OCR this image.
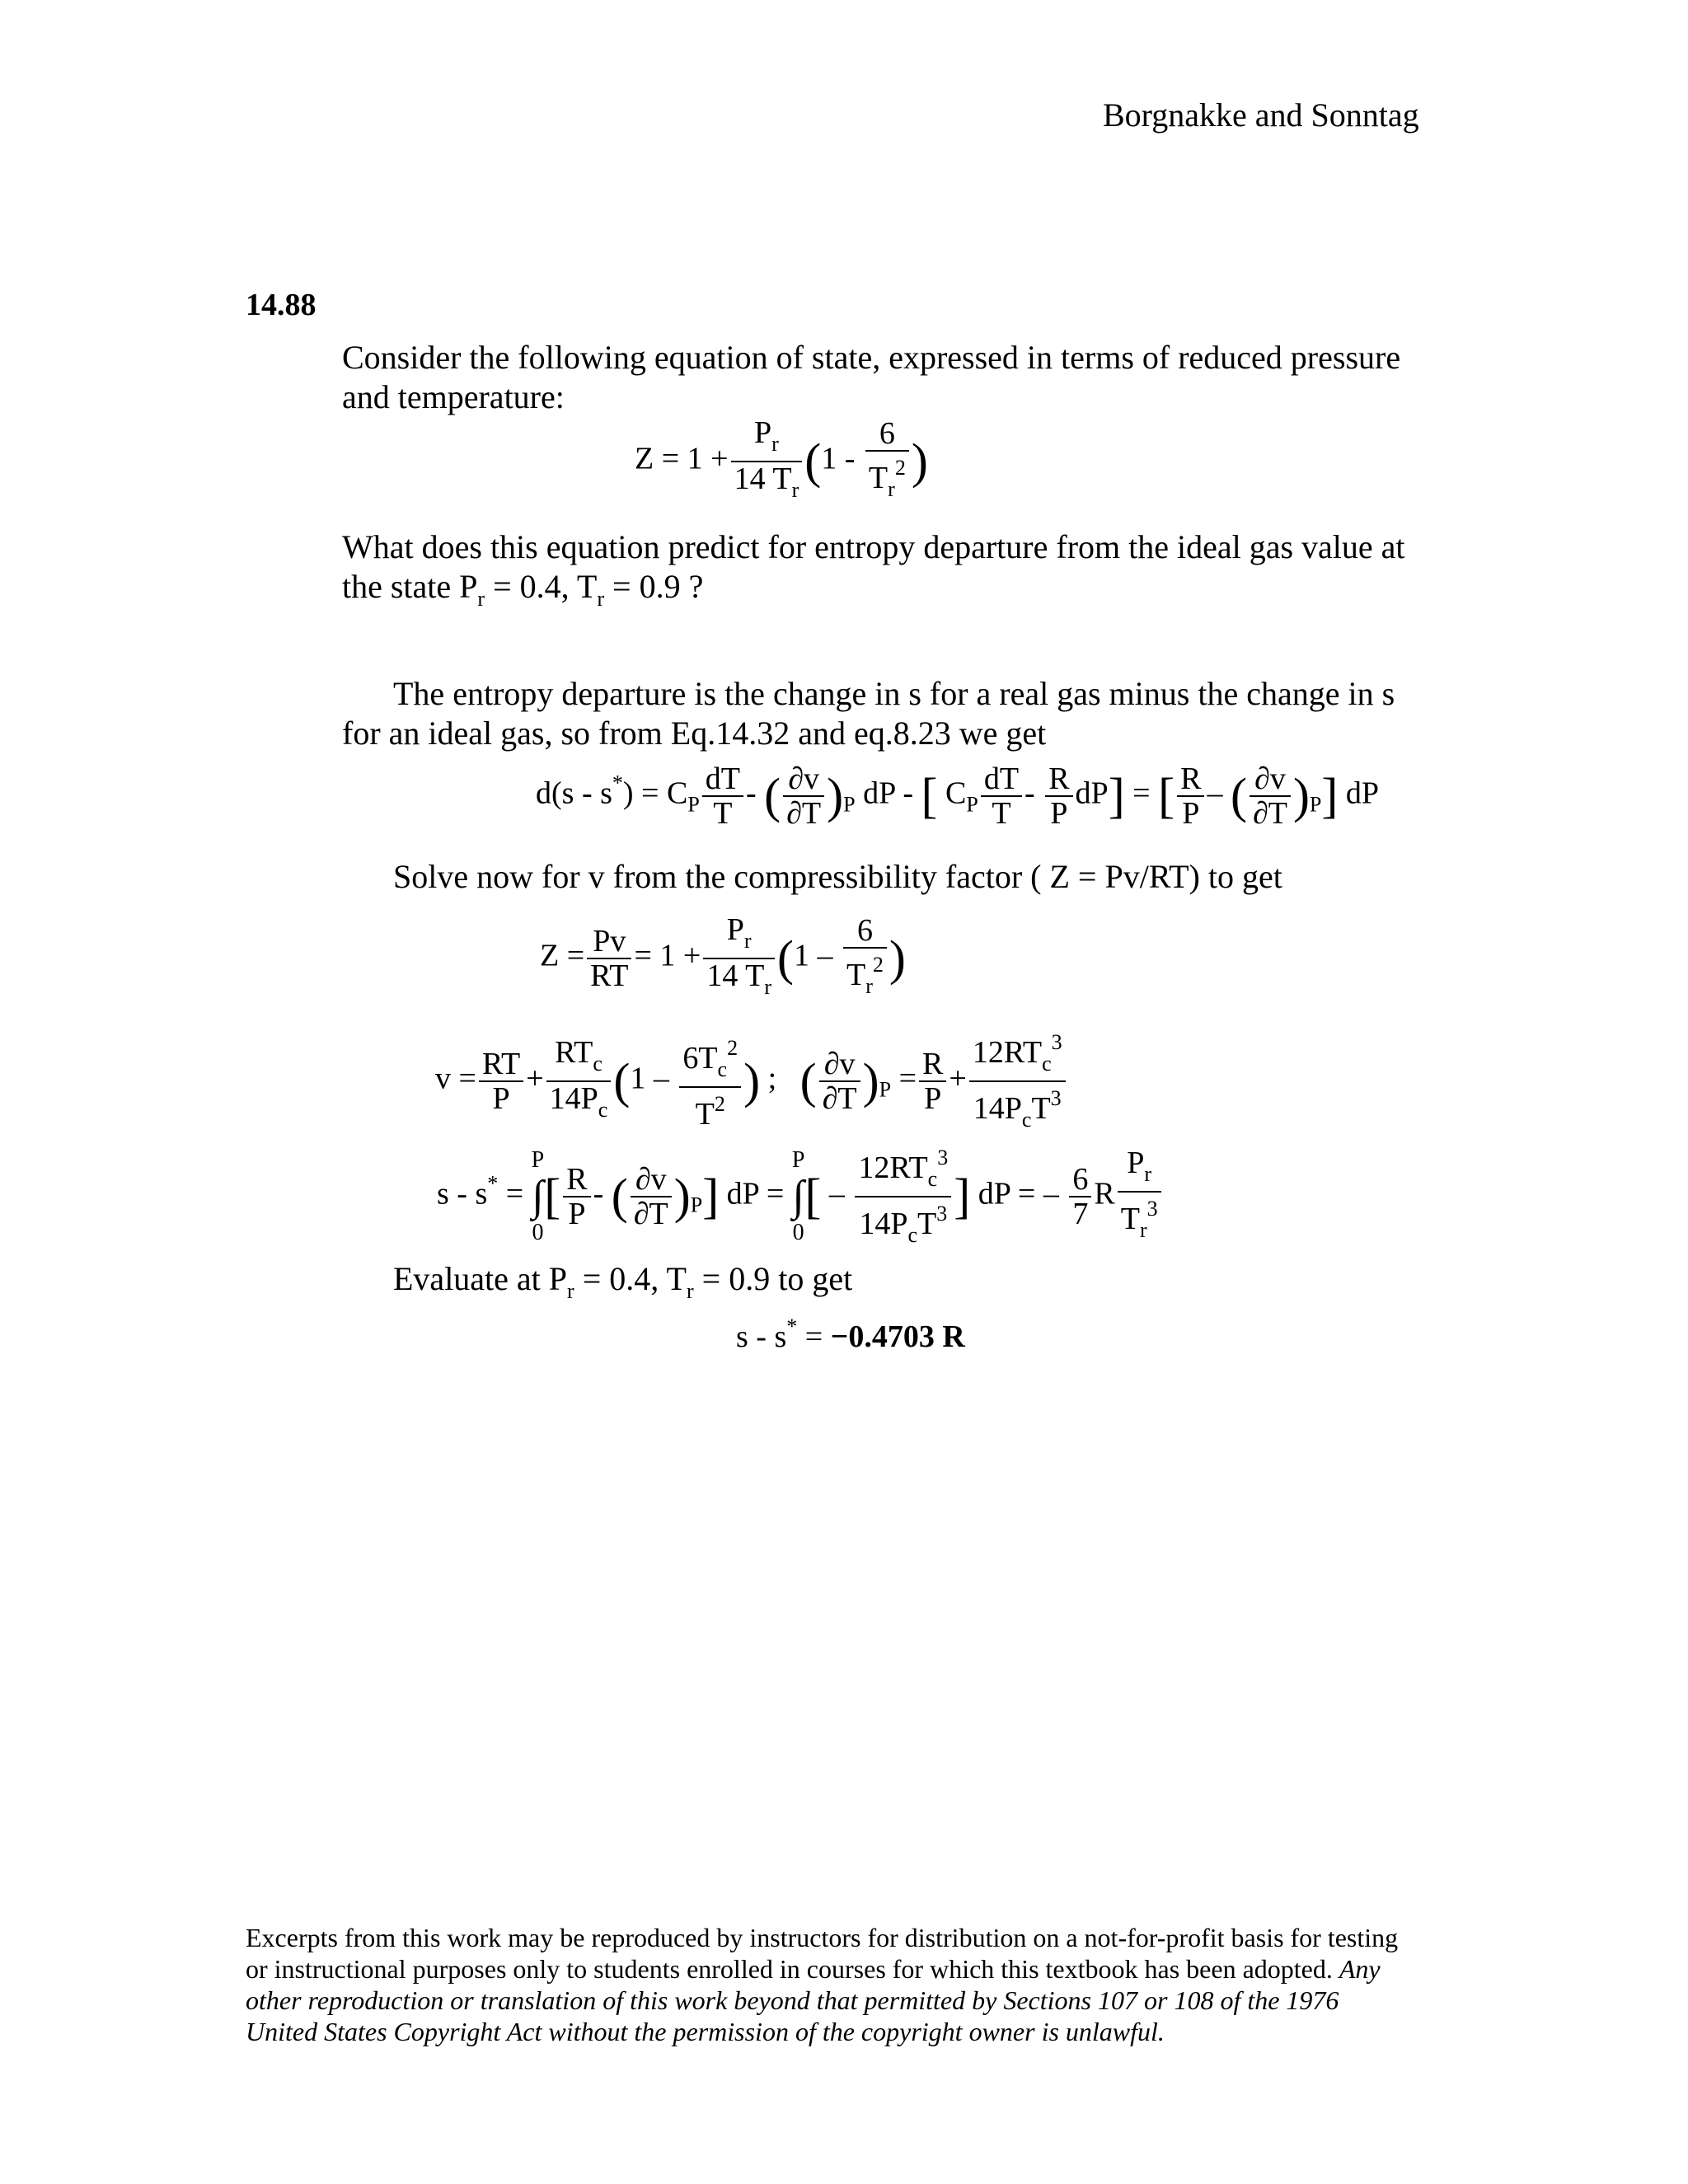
Borgnakke and Sonntag
14.88
Consider the following equation of state, expressed in terms of reduced pressure and temperature:
$Z = 1 + \frac{P_r}{14 T_r} (1 - \frac{6}{T_r^2}$ )
What does this equation predict for entropy departure from the ideal gas value at the state $P_r = 0.4$, $T_r = 0.9$ ?
The entropy departure is the change in s for a real gas minus the change in s for an ideal gas, so from Eq.14.32 and eq.8.23 we get
$d(s - s^*) = C_P \frac{dT}{T}$ - ( $\frac{\partial v}{\partial T} )_P$ dP - [ $C_P \frac{dT}{T} - \frac{R}{P} dP$] = [ $\frac{R}{P}$ – ( $\frac{\partial v}{\partial T} )_P$] dP
Solve now for v from the compressibility factor ( Z = Pv/RT) to get
$Z = \frac{Pv}{RT} = 1 + \frac{P_r}{14 T_r} (1 - \frac{6}{T_r^2}$ )
$v = \frac{RT}{P} + \frac{RT_c}{14P_c} (1 - \frac{6T_c^2}{T^2}$ ) ;   ( $\frac{\partial v}{\partial T} )_P = \frac{R}{P} + \frac{12RT_c^3}{14P_cT^3}$
s - s* =
P
∫
0
[ $\frac{R}{P}$ - ( $\frac{\partial v}{\partial T} )_P$] dP =
P
∫
0
[ – $\frac{12RT_c^3}{14P_cT^3}$ ] dP = – $\frac{6}{7}$ R $\frac{P_r}{T_r^3}$
Evaluate at $P_r = 0.4$, $T_r = 0.9$ to get
s - s* = −0.4703 R
Excerpts from this work may be reproduced by instructors for distribution on a not-for-profit basis for testing or instructional purposes only to students enrolled in courses for which this textbook has been adopted. Any other reproduction or translation of this work beyond that permitted by Sections 107 or 108 of the 1976 United States Copyright Act without the permission of the copyright owner is unlawful.
